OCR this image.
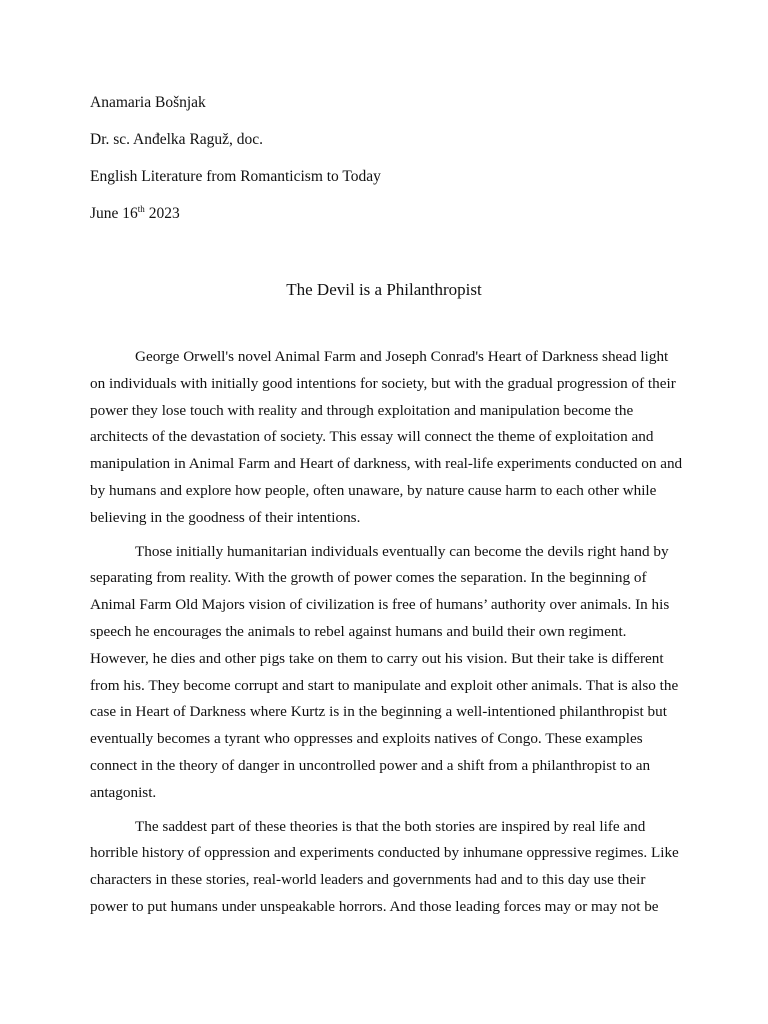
Anamaria Bošnjak
Dr. sc. Anđelka Raguž, doc.
English Literature from Romanticism to Today
June 16th 2023
The Devil is a Philanthropist
George Orwell's novel Animal Farm and Joseph Conrad's Heart of Darkness shead light
on individuals with initially good intentions for society, but with the gradual progression of their
power they lose touch with reality and through exploitation and manipulation become the
architects of the devastation of society. This essay will connect the theme of exploitation and
manipulation in Animal Farm and Heart of darkness, with real-life experiments conducted on and
by humans and explore how people, often unaware, by nature cause harm to each other while
believing in the goodness of their intentions.
Those initially humanitarian individuals eventually can become the devils right hand by
separating from reality. With the growth of power comes the separation. In the beginning of
Animal Farm Old Majors vision of civilization is free of humans’ authority over animals. In his
speech he encourages the animals to rebel against humans and build their own regiment.
However, he dies and other pigs take on them to carry out his vision. But their take is different
from his. They become corrupt and start to manipulate and exploit other animals. That is also the
case in Heart of Darkness where Kurtz is in the beginning a well-intentioned philanthropist but
eventually becomes a tyrant who oppresses and exploits natives of Congo. These examples
connect in the theory of danger in uncontrolled power and a shift from a philanthropist to an
antagonist.
The saddest part of these theories is that the both stories are inspired by real life and
horrible history of oppression and experiments conducted by inhumane oppressive regimes. Like
characters in these stories, real-world leaders and governments had and to this day use their
power to put humans under unspeakable horrors. And those leading forces may or may not be
